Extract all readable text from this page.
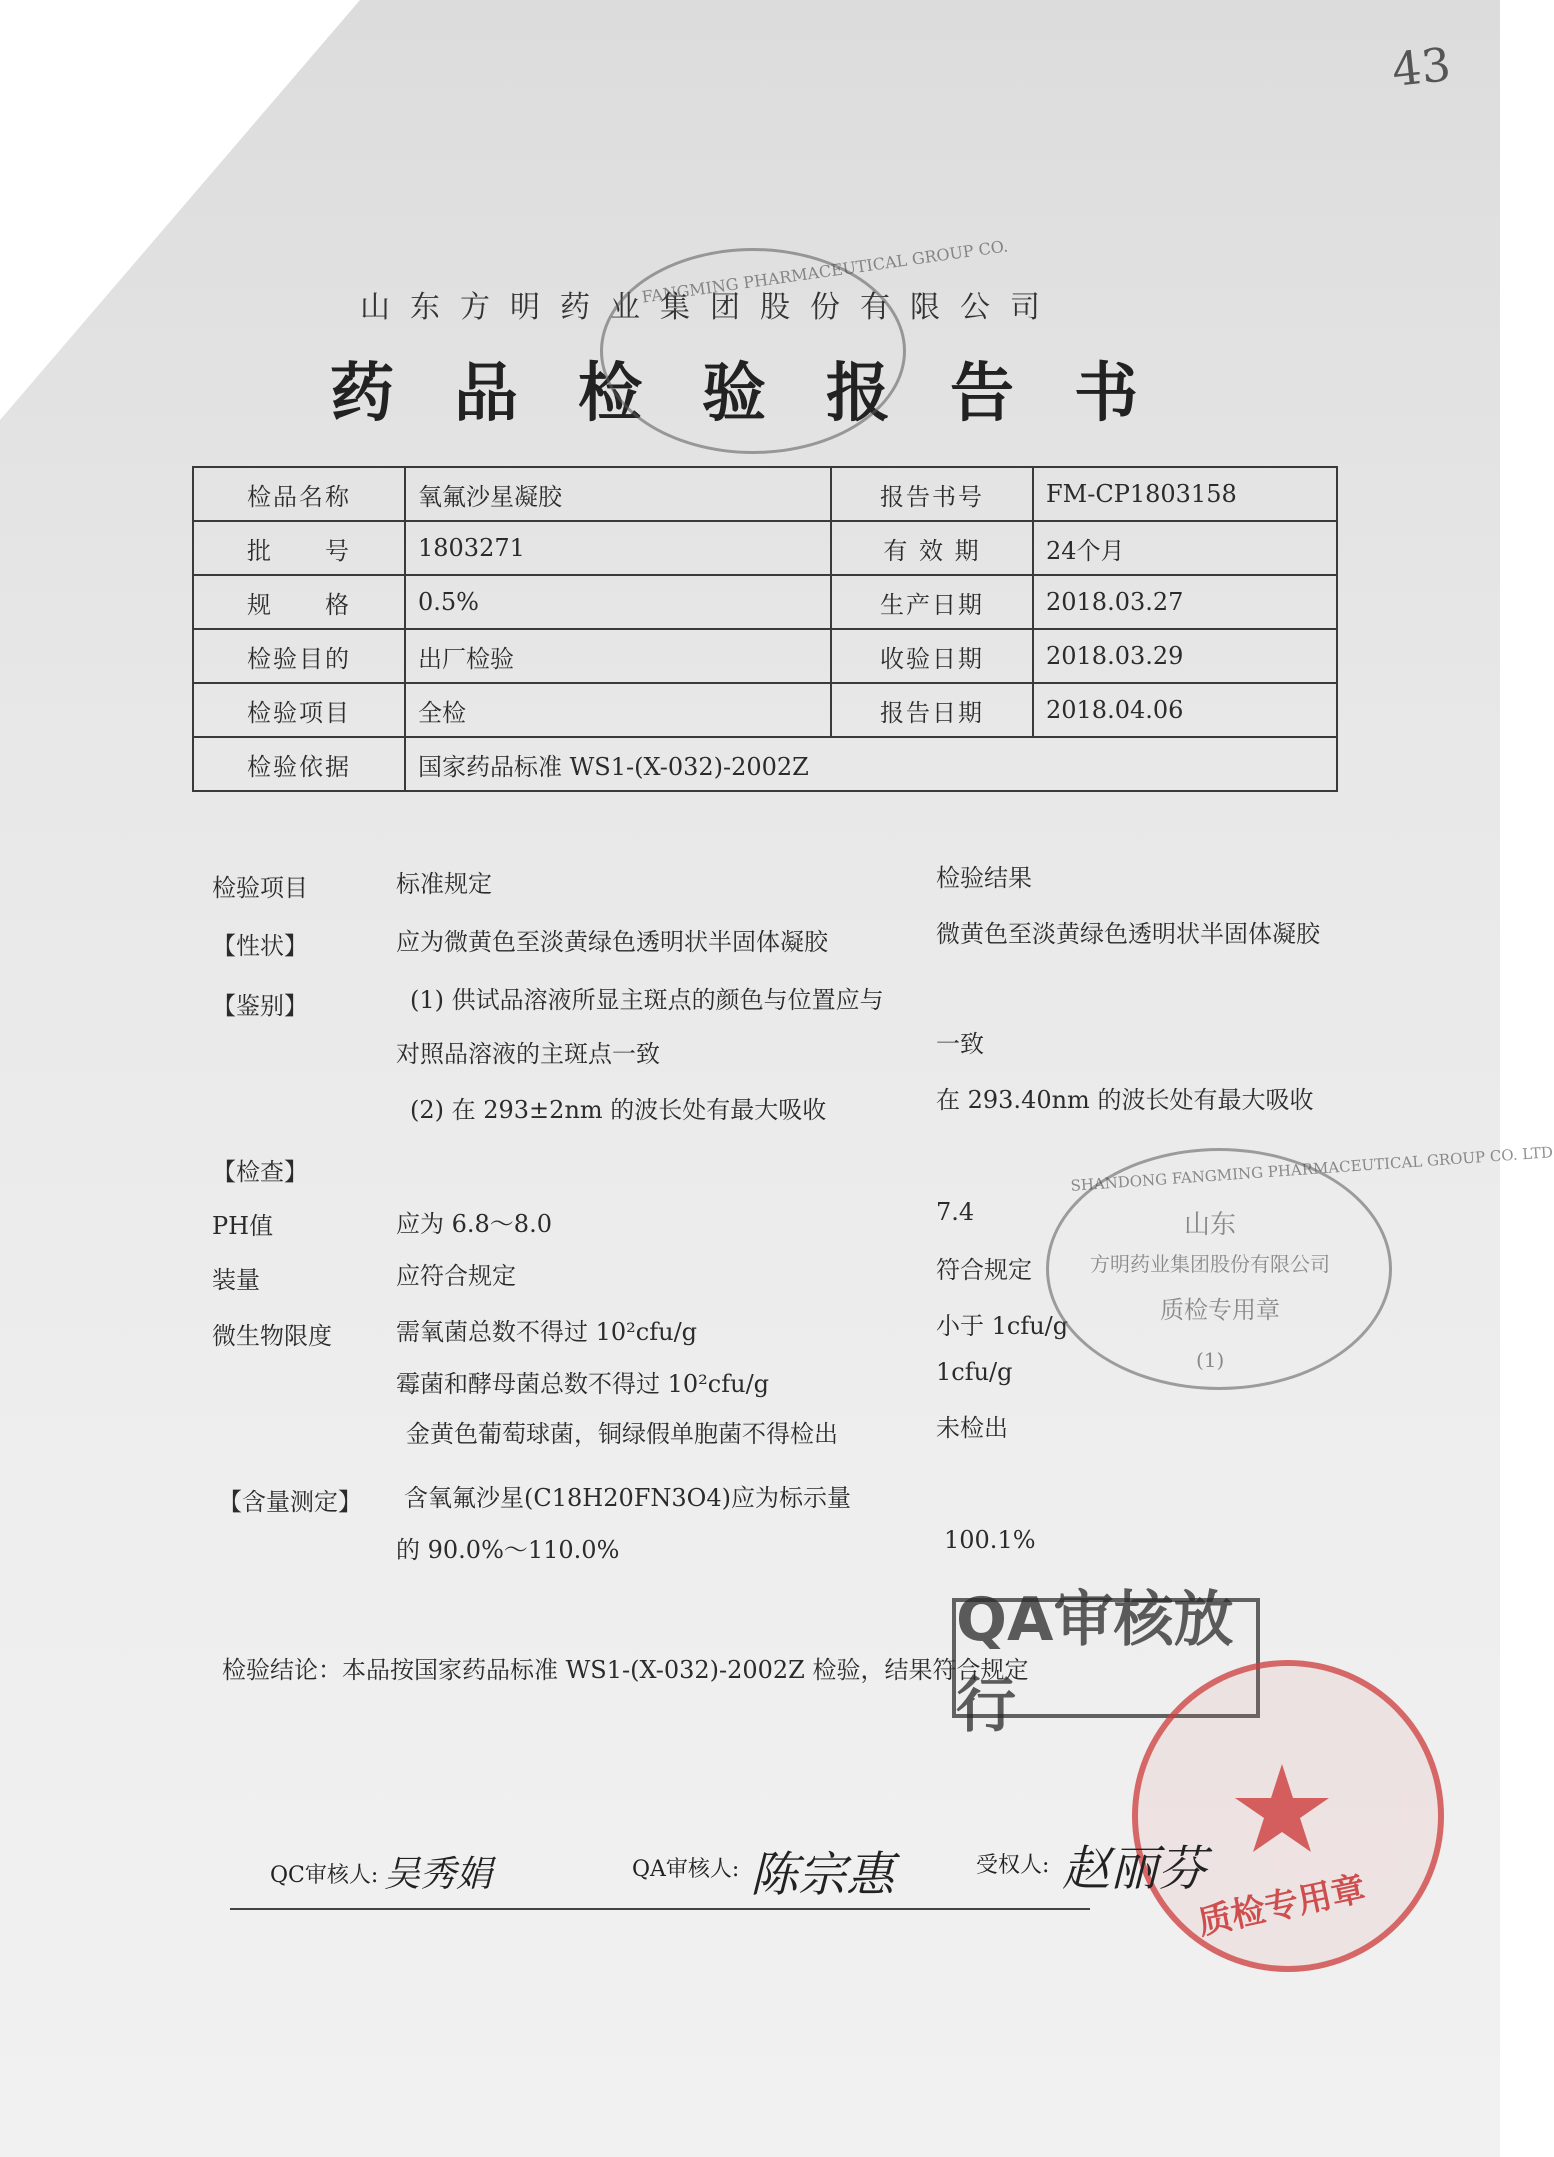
43
山东方明药业集团股份有限公司
药品检验报告书
FANGMING PHARMACEUTICAL GROUP CO.
检品名称	氧氟沙星凝胶	报告书号	FM-CP1803158
批　　号	1803271	有 效 期	24个月
规　　格	0.5%	生产日期	2018.03.27
检验目的	出厂检验	收验日期	2018.03.29
检验项目	全检	报告日期	2018.04.06
检验依据	国家药品标准 WS1-(X-032)-2002Z		
检验项目	标准规定	检验结果
【性状】	应为微黄色至淡黄绿色透明状半固体凝胶	微黄色至淡黄绿色透明状半固体凝胶
【鉴别】	(1) 供试品溶液所显主斑点的颜色与位置应与
对照品溶液的主斑点一致	一致
(2) 在 293±2nm 的波长处有最大吸收	在 293.40nm 的波长处有最大吸收
【检查】
PH值	应为 6.8～8.0	7.4
装量	应符合规定	符合规定
微生物限度	需氧菌总数不得过 10²cfu/g	小于 1cfu/g
霉菌和酵母菌总数不得过 10²cfu/g	1cfu/g
金黄色葡萄球菌，铜绿假单胞菌不得检出	未检出
【含量测定】 含氧氟沙星(C18H20FN3O4)应为标示量
的 90.0%～110.0%	100.1%
检验结论：本品按国家药品标准 WS1-(X-032)-2002Z 检验，结果符合规定
SHANDONG FANGMING PHARMACEUTICAL GROUP CO. LTD
山东
方明药业集团股份有限公司
质检专用章
(1)
QA审核放行
质检专用章
QC审核人: 吴秀娟	QA审核人: 陈宗惠	受权人: 赵丽芬
